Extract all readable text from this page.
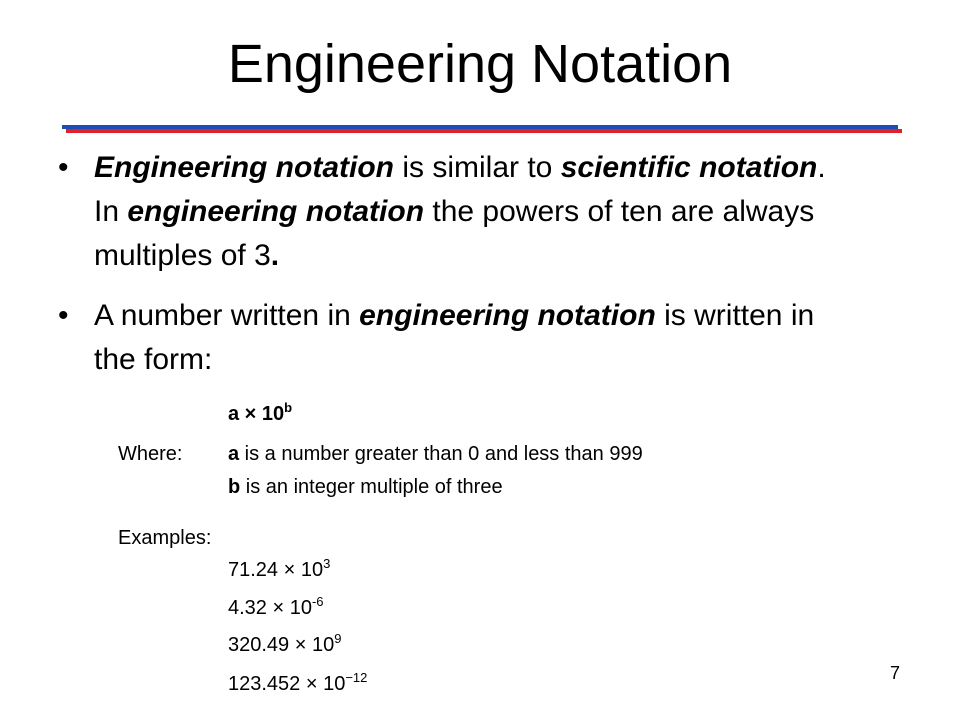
Engineering Notation
• Engineering notation is similar to scientific notation. In engineering notation the powers of ten are always multiples of 3.
• A number written in engineering notation is written in the form:
$a \times 10^b$
Where: a is a number greater than 0 and less than 999
b is an integer multiple of three
Examples:
$71.24 \times 10^3$
$4.32 \times 10^{-6}$
$320.49 \times 10^9$
$123.452 \times 10^{-12}$	7
